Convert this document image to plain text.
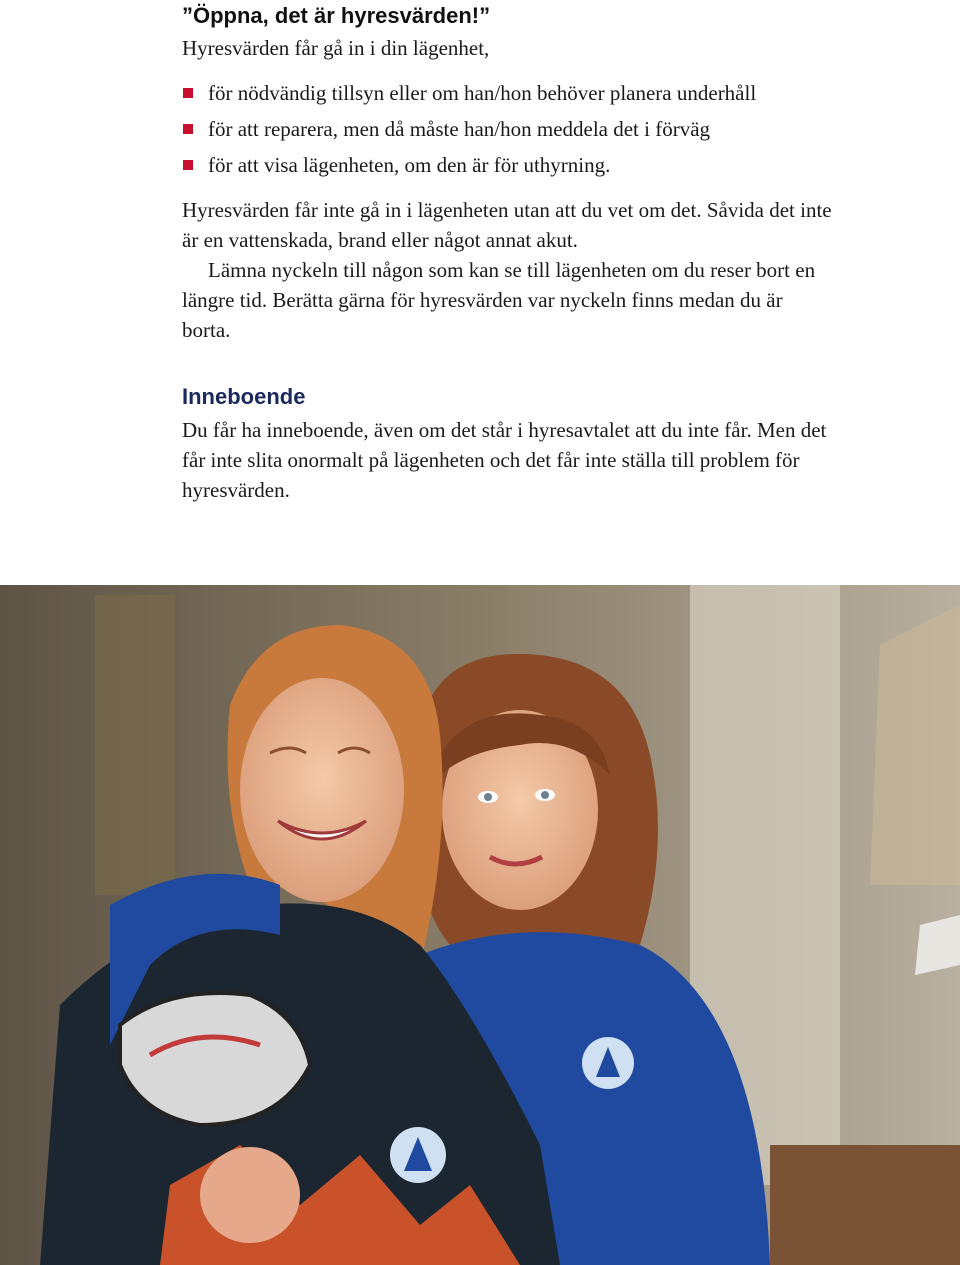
”Öppna, det är hyresvärden!”

Hyresvärden får gå in i din lägenhet,

för nödvändig tillsyn eller om han/hon behöver planera underhåll
för att reparera, men då måste han/hon meddela det i förväg
för att visa lägenheten, om den är för uthyrning.

Hyresvärden får inte gå in i lägenheten utan att du vet om det. Såvida det inte är en vattenskada, brand eller något annat akut.

Lämna nyckeln till någon som kan se till lägenheten om du reser bort en längre tid. Berätta gärna för hyresvärden var nyckeln finns medan du är borta.

Inneboende

Du får ha inneboende, även om det står i hyresavtalet att du inte får. Men det får inte slita onormalt på lägenheten och det får inte ställa till problem för hyresvärden.
